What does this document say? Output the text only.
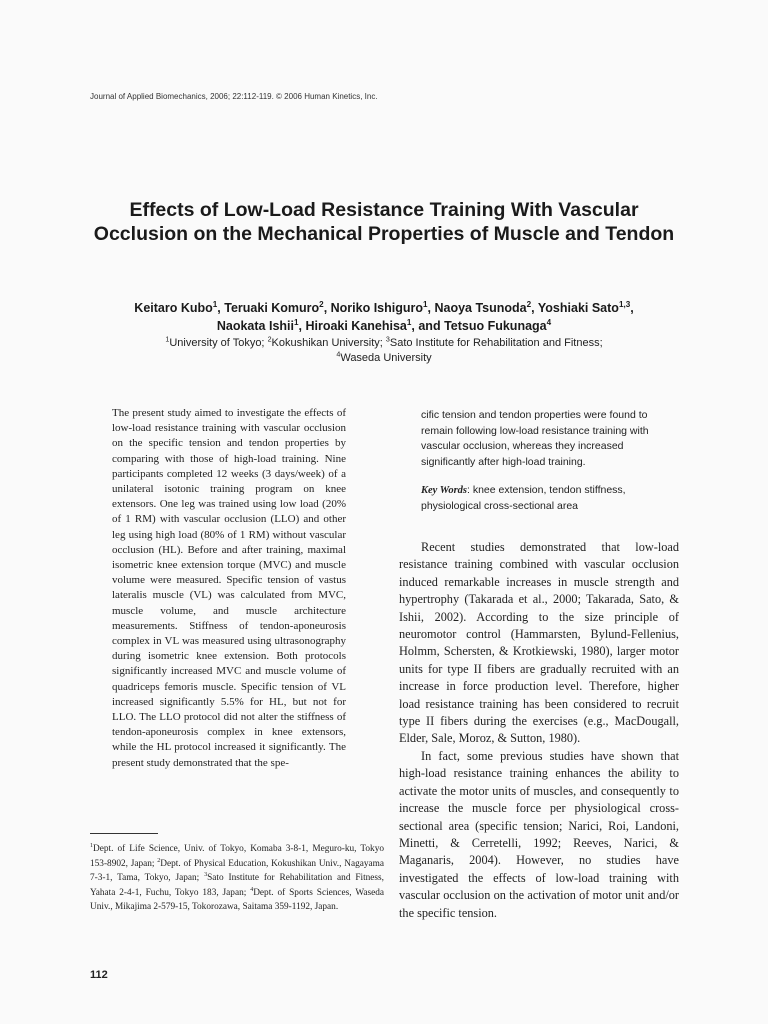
Journal of Applied Biomechanics, 2006; 22:112-119. © 2006 Human Kinetics, Inc.
Effects of Low-Load Resistance Training With Vascular Occlusion on the Mechanical Properties of Muscle and Tendon
Keitaro Kubo$^1$, Teruaki Komuro$^2$, Noriko Ishiguro$^1$, Naoya Tsunoda$^2$, Yoshiaki Sato$^{1,3}$,
Naokata Ishii$^1$, Hiroaki Kanehisa$^1$, and Tetsuo Fukunaga$^4$
$^1$University of Tokyo; $^2$Kokushikan University; $^3$Sato Institute for Rehabilitation and Fitness;
$^4$Waseda University
The present study aimed to investigate the effects of low-load resistance training with vascular occlusion on the specific tension and tendon properties by comparing with those of high-load training. Nine participants completed 12 weeks (3 days/week) of a unilateral isotonic training program on knee extensors. One leg was trained using low load (20% of 1 RM) with vascular occlusion (LLO) and other leg using high load (80% of 1 RM) without vascular occlusion (HL). Before and after training, maximal isometric knee extension torque (MVC) and muscle volume were measured. Specific tension of vastus lateralis muscle (VL) was calculated from MVC, muscle volume, and muscle architecture measurements. Stiffness of tendon-aponeurosis complex in VL was measured using ultrasonography during isometric knee extension. Both protocols significantly increased MVC and muscle volume of quadriceps femoris muscle. Specific tension of VL increased significantly 5.5% for HL, but not for LLO. The LLO protocol did not alter the stiffness of tendon-aponeurosis complex in knee extensors, while the HL protocol increased it significantly. The present study demonstrated that the spe-
cific tension and tendon properties were found to remain following low-load resistance training with vascular occlusion, whereas they increased significantly after high-load training.
Key Words: knee extension, tendon stiffness, physiological cross-sectional area

Recent studies demonstrated that low-load resistance training combined with vascular occlusion induced remarkable increases in muscle strength and hypertrophy (Takarada et al., 2000; Takarada, Sato, & Ishii, 2002). According to the size principle of neuromotor control (Hammarsten, Bylund-Fellenius, Holmm, Schersten, & Krotkiewski, 1980), larger motor units for type II fibers are gradually recruited with an increase in force production level. Therefore, higher load resistance training has been considered to recruit type II fibers during the exercises (e.g., MacDougall, Elder, Sale, Moroz, & Sutton, 1980).

In fact, some previous studies have shown that high-load resistance training enhances the ability to activate the motor units of muscles, and consequently to increase the muscle force per physiological cross-sectional area (specific tension; Narici, Roi, Landoni, Minetti, & Cerretelli, 1992; Reeves, Narici, & Maganaris, 2004). However, no studies have investigated the effects of low-load training with vascular occlusion on the activation of motor unit and/or the specific tension.

$^1$Dept. of Life Science, Univ. of Tokyo, Komaba 3-8-1, Meguro-ku, Tokyo 153-8902, Japan; $^2$Dept. of Physical Education, Kokushikan Univ., Nagayama 7-3-1, Tama, Tokyo, Japan; $^3$Sato Institute for Rehabilitation and Fitness, Yahata 2-4-1, Fuchu, Tokyo 183, Japan; $^4$Dept. of Sports Sciences, Waseda Univ., Mikajima 2-579-15, Tokorozawa, Saitama 359-1192, Japan.
112
